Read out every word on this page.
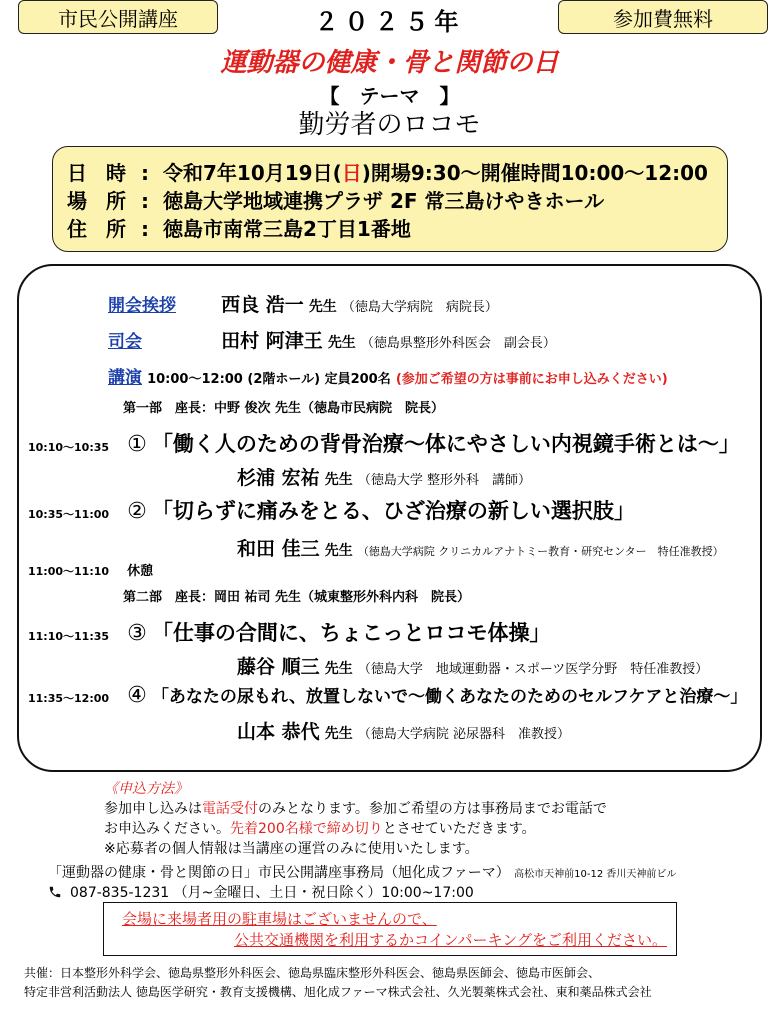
市民公開講座	２０２５年	参加費無料
運動器の健康・骨と関節の日
【　テーマ　】
勤労者のロコモ
日 時 : 令和7年10月19日(日)開場9:30～開催時間10:00～12:00
場 所 : 徳島大学地域連携プラザ 2F 常三島けやきホール
住 所 : 徳島市南常三島2丁目1番地
開会挨拶 西良 浩一 先生 （徳島大学病院　病院長）
司会	田村 阿津王 先生 （徳島県整形外科医会　副会長）
講演 10:00～12:00 (2階ホール) 定員200名 (参加ご希望の方は事前にお申し込みください)
第一部　座長：中野 俊次 先生（徳島市民病院　院長）
10:10～10:35 ① 「働く人のための背骨治療～体にやさしい内視鏡手術とは～」
杉浦 宏祐 先生 （徳島大学 整形外科　講師）
10:35～11:00 ② 「切らずに痛みをとる、ひざ治療の新しい選択肢」
和田 佳三 先生 （徳島大学病院 クリニカルアナトミー教育・研究センター　特任准教授）
11:00～11:10 休憩
第二部　座長：岡田 祐司 先生（城東整形外科内科　院長）
11:10～11:35 ③ 「仕事の合間に、ちょこっとロコモ体操」
藤谷 順三 先生 （徳島大学　地域運動器・スポーツ医学分野　特任准教授）
11:35～12:00 ④ 「あなたの尿もれ、放置しないで～働くあなたのためのセルフケアと治療～」
山本 恭代 先生 （徳島大学病院 泌尿器科　准教授）
《申込方法》
参加申し込みは電話受付のみとなります。参加ご希望の方は事務局までお電話で
お申込みください。先着200名様で締め切りとさせていただきます。
※応募者の個人情報は当講座の運営のみに使用いたします。
「運動器の健康・骨と関節の日」市民公開講座事務局（旭化成ファーマ） 高松市天神前10-12 香川天神前ビル
087-835-1231 （月~金曜日、土日・祝日除く）10:00~17:00
会場に来場者用の駐車場はございませんので、
公共交通機関を利用するかコインパーキングをご利用ください。
共催：日本整形外科学会、徳島県整形外科医会、徳島県臨床整形外科医会、徳島県医師会、徳島市医師会、
特定非営利活動法人 徳島医学研究・教育支援機構、旭化成ファーマ株式会社、久光製薬株式会社、東和薬品株式会社
